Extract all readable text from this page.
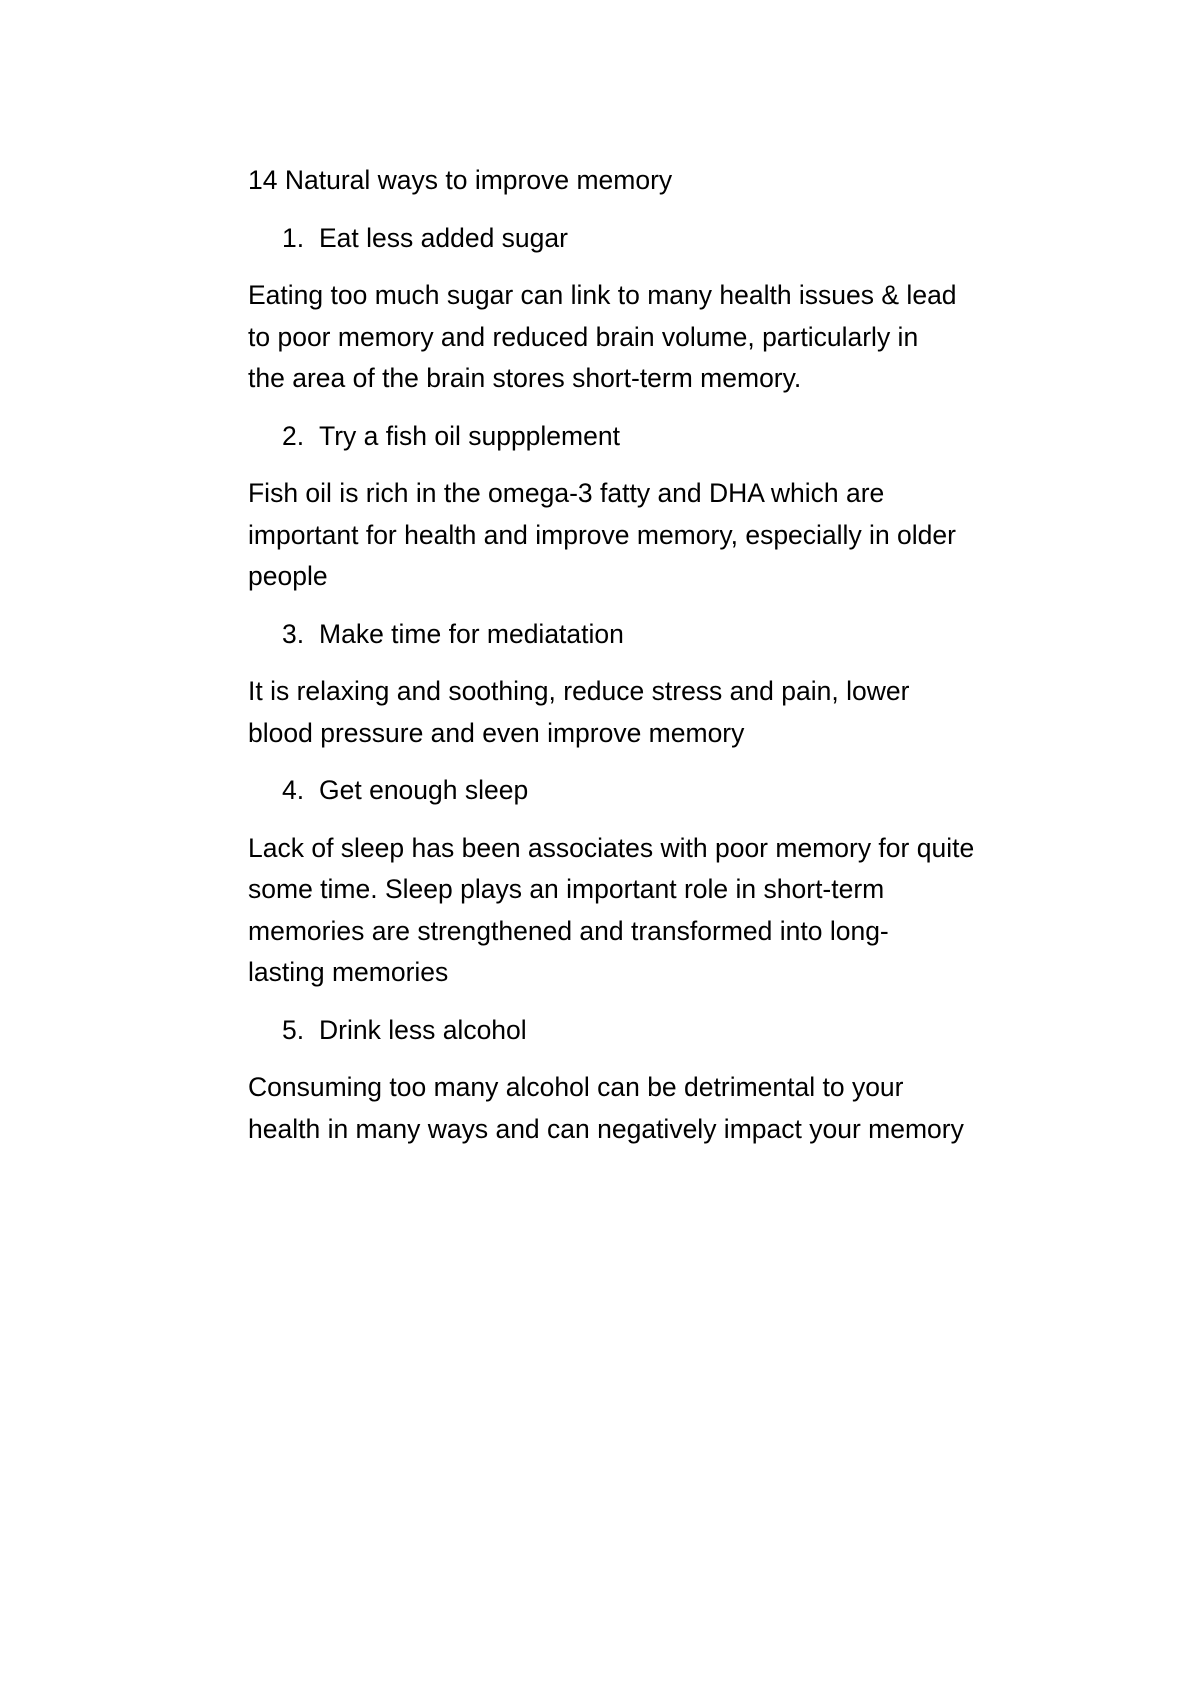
14 Natural ways to improve memory

1. Eat less added sugar
Eating too much sugar can link to many health issues & lead
to poor memory and reduced brain volume, particularly in
the area of the brain stores short-term memory.
2. Try a fish oil suppplement
Fish oil is rich in the omega-3 fatty and DHA which are
important for health and improve memory, especially in older
people
3. Make time for mediatation
It is relaxing and soothing, reduce stress and pain, lower
blood pressure and even improve memory
4. Get enough sleep
Lack of sleep has been associates with poor memory for quite
some time. Sleep plays an important role in short-term
memories are strengthened and transformed into long-
lasting memories
5. Drink less alcohol
Consuming too many alcohol can be detrimental to your
health in many ways and can negatively impact your memory
